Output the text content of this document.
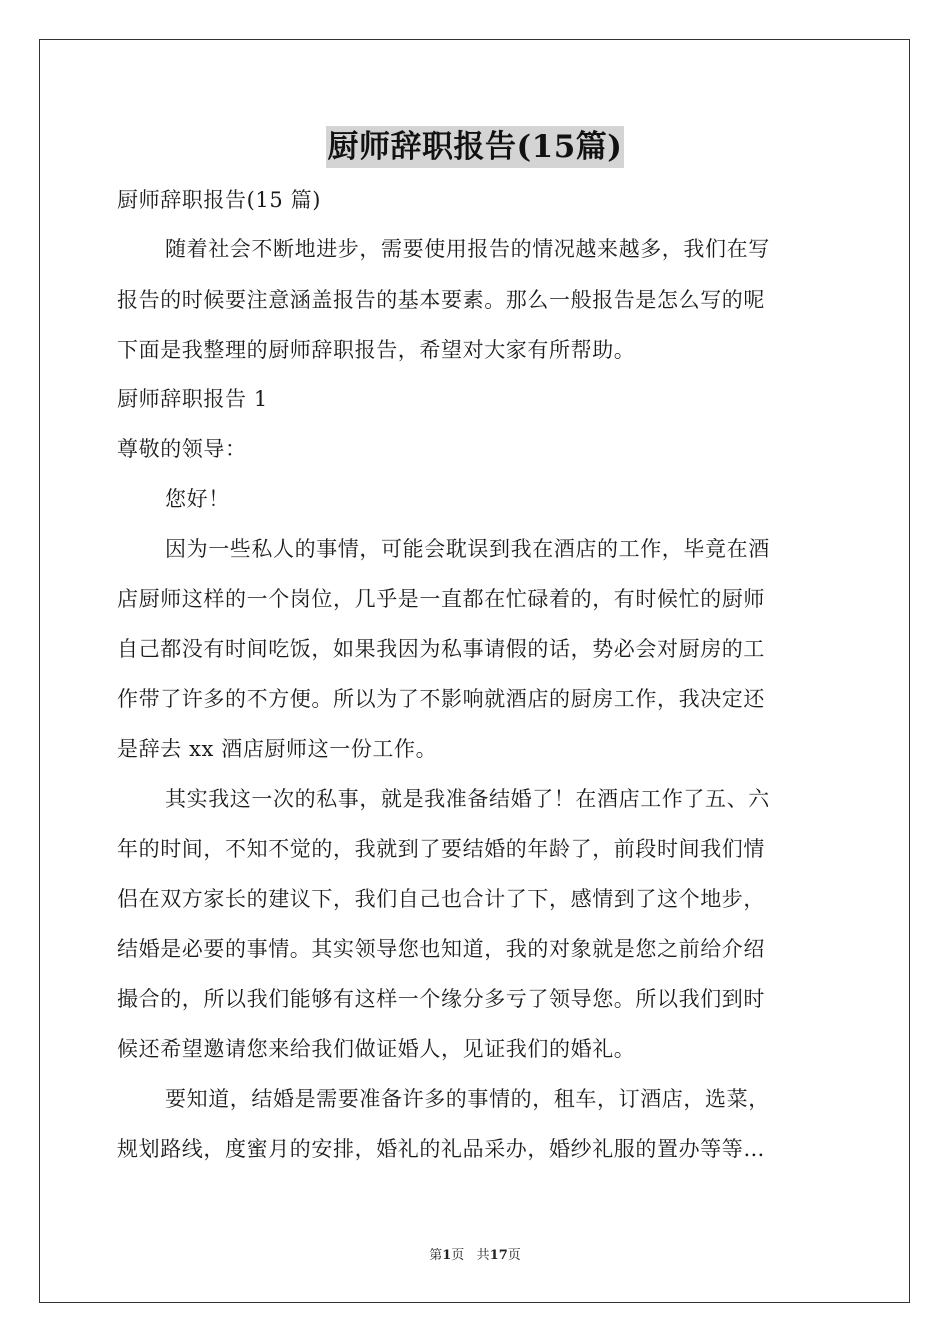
厨师辞职报告(15篇)
厨师辞职报告(15 篇)
随着社会不断地进步，需要使用报告的情况越来越多，我们在写
报告的时候要注意涵盖报告的基本要素。那么一般报告是怎么写的呢
下面是我整理的厨师辞职报告，希望对大家有所帮助。
厨师辞职报告 1
尊敬的领导：
您好！
因为一些私人的事情，可能会耽误到我在酒店的工作，毕竟在酒
店厨师这样的一个岗位，几乎是一直都在忙碌着的，有时候忙的厨师
自己都没有时间吃饭，如果我因为私事请假的话，势必会对厨房的工
作带了许多的不方便。所以为了不影响就酒店的厨房工作，我决定还
是辞去 xx 酒店厨师这一份工作。
其实我这一次的私事，就是我准备结婚了！在酒店工作了五、六
年的时间，不知不觉的，我就到了要结婚的年龄了，前段时间我们情
侣在双方家长的建议下，我们自己也合计了下，感情到了这个地步，
结婚是必要的事情。其实领导您也知道，我的对象就是您之前给介绍
撮合的，所以我们能够有这样一个缘分多亏了领导您。所以我们到时
候还希望邀请您来给我们做证婚人，见证我们的婚礼。
要知道，结婚是需要准备许多的事情的，租车，订酒店，选菜，
规划路线，度蜜月的安排，婚礼的礼品采办，婚纱礼服的置办等等…
第1页 共17页
